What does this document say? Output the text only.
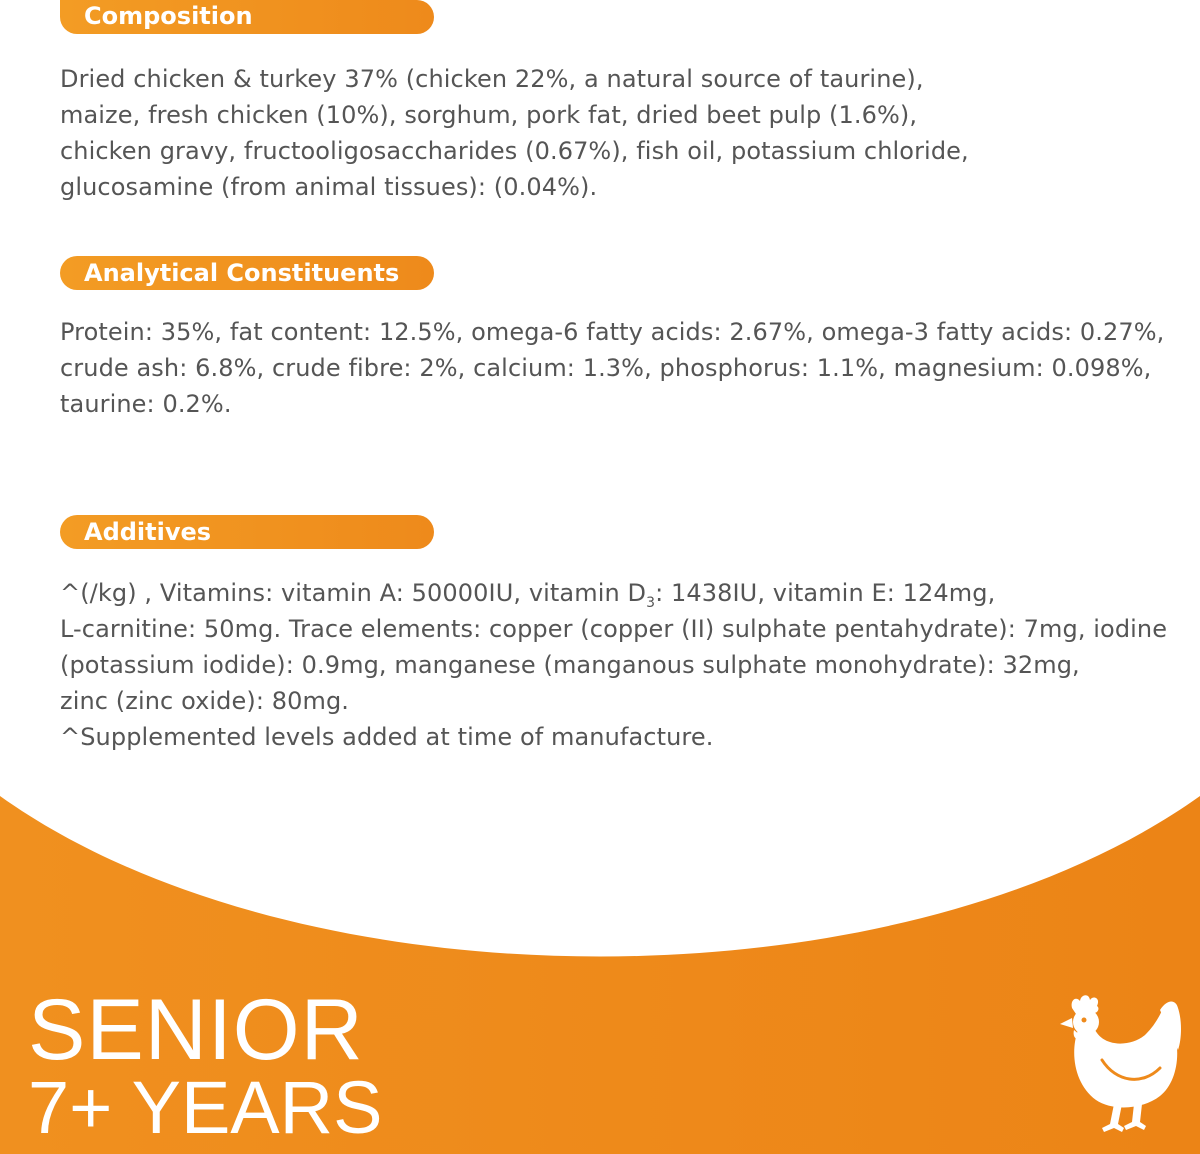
Composition
Dried chicken & turkey 37% (chicken 22%, a natural source of taurine),
maize, fresh chicken (10%), sorghum, pork fat, dried beet pulp (1.6%),
chicken gravy, fructooligosaccharides (0.67%), fish oil, potassium chloride,
glucosamine (from animal tissues): (0.04%).
Analytical Constituents
Protein: 35%, fat content: 12.5%, omega-6 fatty acids: 2.67%, omega-3 fatty acids: 0.27%,
crude ash: 6.8%, crude fibre: 2%, calcium: 1.3%, phosphorus: 1.1%, magnesium: 0.098%,
taurine: 0.2%.
Additives
^(/kg) , Vitamins: vitamin A: 50000IU, vitamin $D_3$: 1438IU, vitamin E: 124mg,
L-carnitine: 50mg. Trace elements: copper (copper (II) sulphate pentahydrate): 7mg, iodine
(potassium iodide): 0.9mg, manganese (manganous sulphate monohydrate): 32mg,
zinc (zinc oxide): 80mg.
^Supplemented levels added at time of manufacture.
SENIOR
7+ YEARS
